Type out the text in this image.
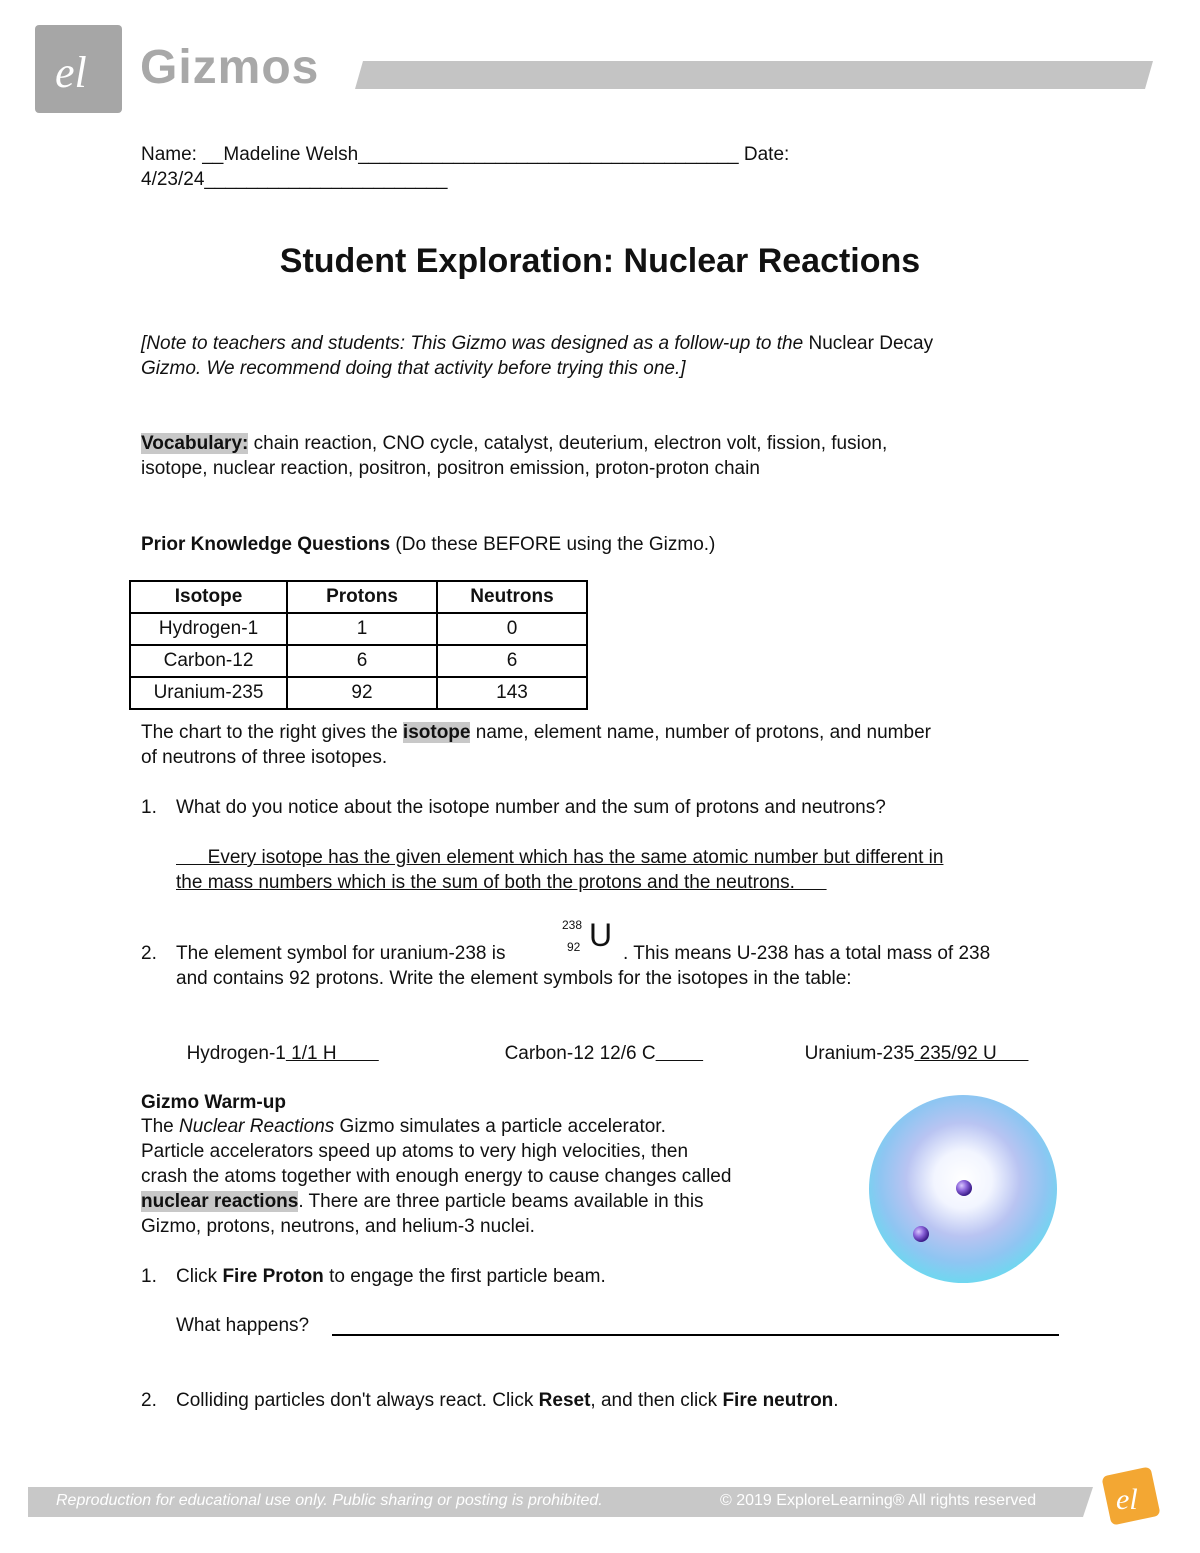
el Gizmos
Name: __Madeline Welsh____________________________________ Date:
4/23/24_______________________
Student Exploration: Nuclear Reactions
[Note to teachers and students: This Gizmo was designed as a follow-up to the Nuclear Decay
Gizmo. We recommend doing that activity before trying this one.]
Vocabulary: chain reaction, CNO cycle, catalyst, deuterium, electron volt, fission, fusion,
isotope, nuclear reaction, positron, positron emission, proton-proton chain
Prior Knowledge Questions (Do these BEFORE using the Gizmo.)
Isotope	Protons	Neutrons
Hydrogen-1	1	0
Carbon-12	6	6
Uranium-235	92	143
The chart to the right gives the isotope name, element name, number of protons, and number
of neutrons of three isotopes.
1. What do you notice about the isotope number and the sum of protons and neutrons?
Every isotope has the given element which has the same atomic number but different in
the mass numbers which is the sum of both the protons and the neutrons.
2. The element symbol for uranium-238 is
238
92 U
. This means U-238 has a total mass of 238
and contains 92 protons. Write the element symbols for the isotopes in the table:

Hydrogen-1 1/1 H	Carbon-12 12/6 C	Uranium-235 235/92 U

Gizmo Warm-up
The Nuclear Reactions Gizmo simulates a particle accelerator.
Particle accelerators speed up atoms to very high velocities, then
crash the atoms together with enough energy to cause changes called
nuclear reactions. There are three particle beams available in this
Gizmo, protons, neutrons, and helium-3 nuclei.
1. Click Fire Proton to engage the first particle beam.
What happens?
2. Colliding particles don't always react. Click Reset, and then click Fire neutron.
Reproduction for educational use only. Public sharing or posting is prohibited.	© 2019 ExploreLearning® All rights reserved	el
